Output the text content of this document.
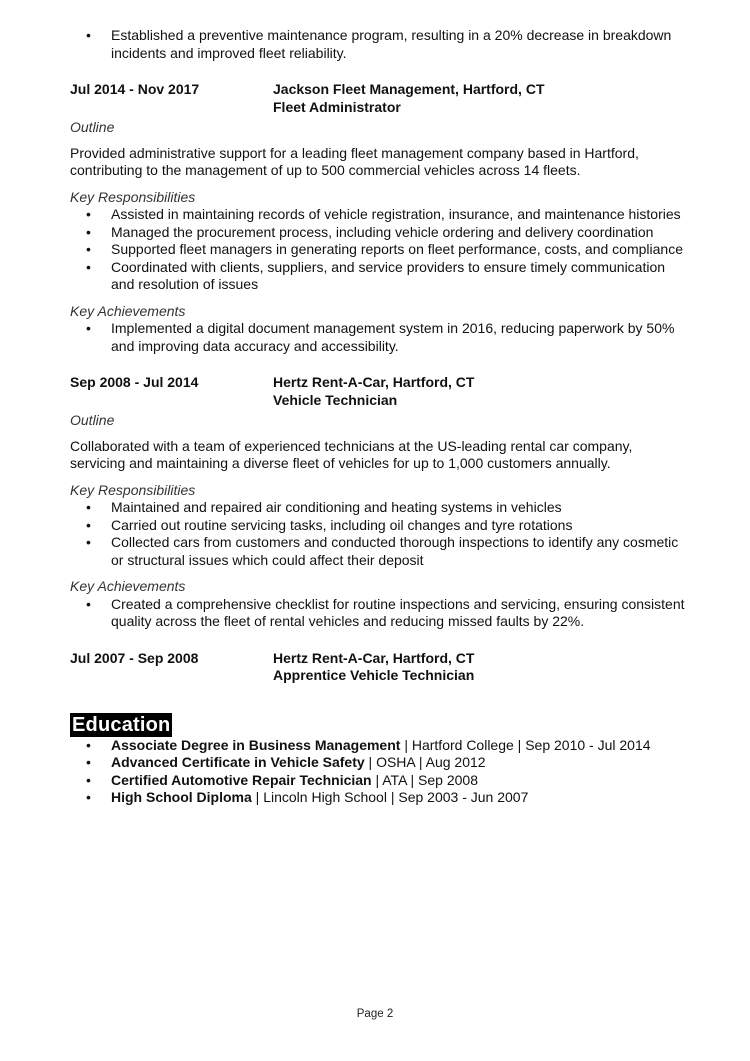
• Established a preventive maintenance program, resulting in a 20% decrease in breakdown incidents and improved fleet reliability.
Jul 2014 - Nov 2017	Jackson Fleet Management, Hartford, CT
Fleet Administrator
Outline
Provided administrative support for a leading fleet management company based in Hartford, contributing to the management of up to 500 commercial vehicles across 14 fleets.
Key Responsibilities
• Assisted in maintaining records of vehicle registration, insurance, and maintenance histories
• Managed the procurement process, including vehicle ordering and delivery coordination
• Supported fleet managers in generating reports on fleet performance, costs, and compliance
• Coordinated with clients, suppliers, and service providers to ensure timely communication and resolution of issues
Key Achievements
• Implemented a digital document management system in 2016, reducing paperwork by 50% and improving data accuracy and accessibility.
Sep 2008 - Jul 2014	Hertz Rent-A-Car, Hartford, CT
Vehicle Technician
Outline
Collaborated with a team of experienced technicians at the US-leading rental car company, servicing and maintaining a diverse fleet of vehicles for up to 1,000 customers annually.
Key Responsibilities
• Maintained and repaired air conditioning and heating systems in vehicles
• Carried out routine servicing tasks, including oil changes and tyre rotations
• Collected cars from customers and conducted thorough inspections to identify any cosmetic or structural issues which could affect their deposit
Key Achievements
• Created a comprehensive checklist for routine inspections and servicing, ensuring consistent quality across the fleet of rental vehicles and reducing missed faults by 22%.
Jul 2007 - Sep 2008	Hertz Rent-A-Car, Hartford, CT
Apprentice Vehicle Technician
Education
• Associate Degree in Business Management | Hartford College | Sep 2010 - Jul 2014
• Advanced Certificate in Vehicle Safety | OSHA | Aug 2012
• Certified Automotive Repair Technician | ATA | Sep 2008
• High School Diploma | Lincoln High School | Sep 2003 - Jun 2007
Page 2
